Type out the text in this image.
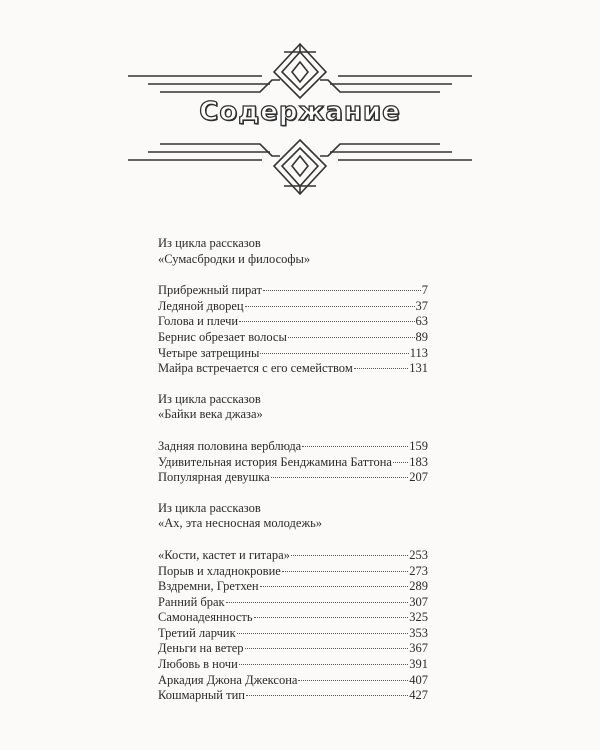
Содержание
Из цикла рассказов
«Сумасбродки и философы»
Прибрежный пират	7
Ледяной дворец	37
Голова и плечи	63
Бернис обрезает волосы	89
Четыре затрещины	113
Майра встречается с его семейством	131
Из цикла рассказов
«Байки века джаза»
Задняя половина верблюда	159
Удивительная история Бенджамина Баттона 183
Популярная девушка	207
Из цикла рассказов
«Ах, эта несносная молодежь»
«Кости, кастет и гитара»	253
Порыв и хладнокровие	273
Вздремни, Гретхен	289
Ранний брак	307
Самонадеянность	325
Третий ларчик	353
Деньги на ветер	367
Любовь в ночи	391
Аркадия Джона Джексона	407
Кошмарный тип	427
